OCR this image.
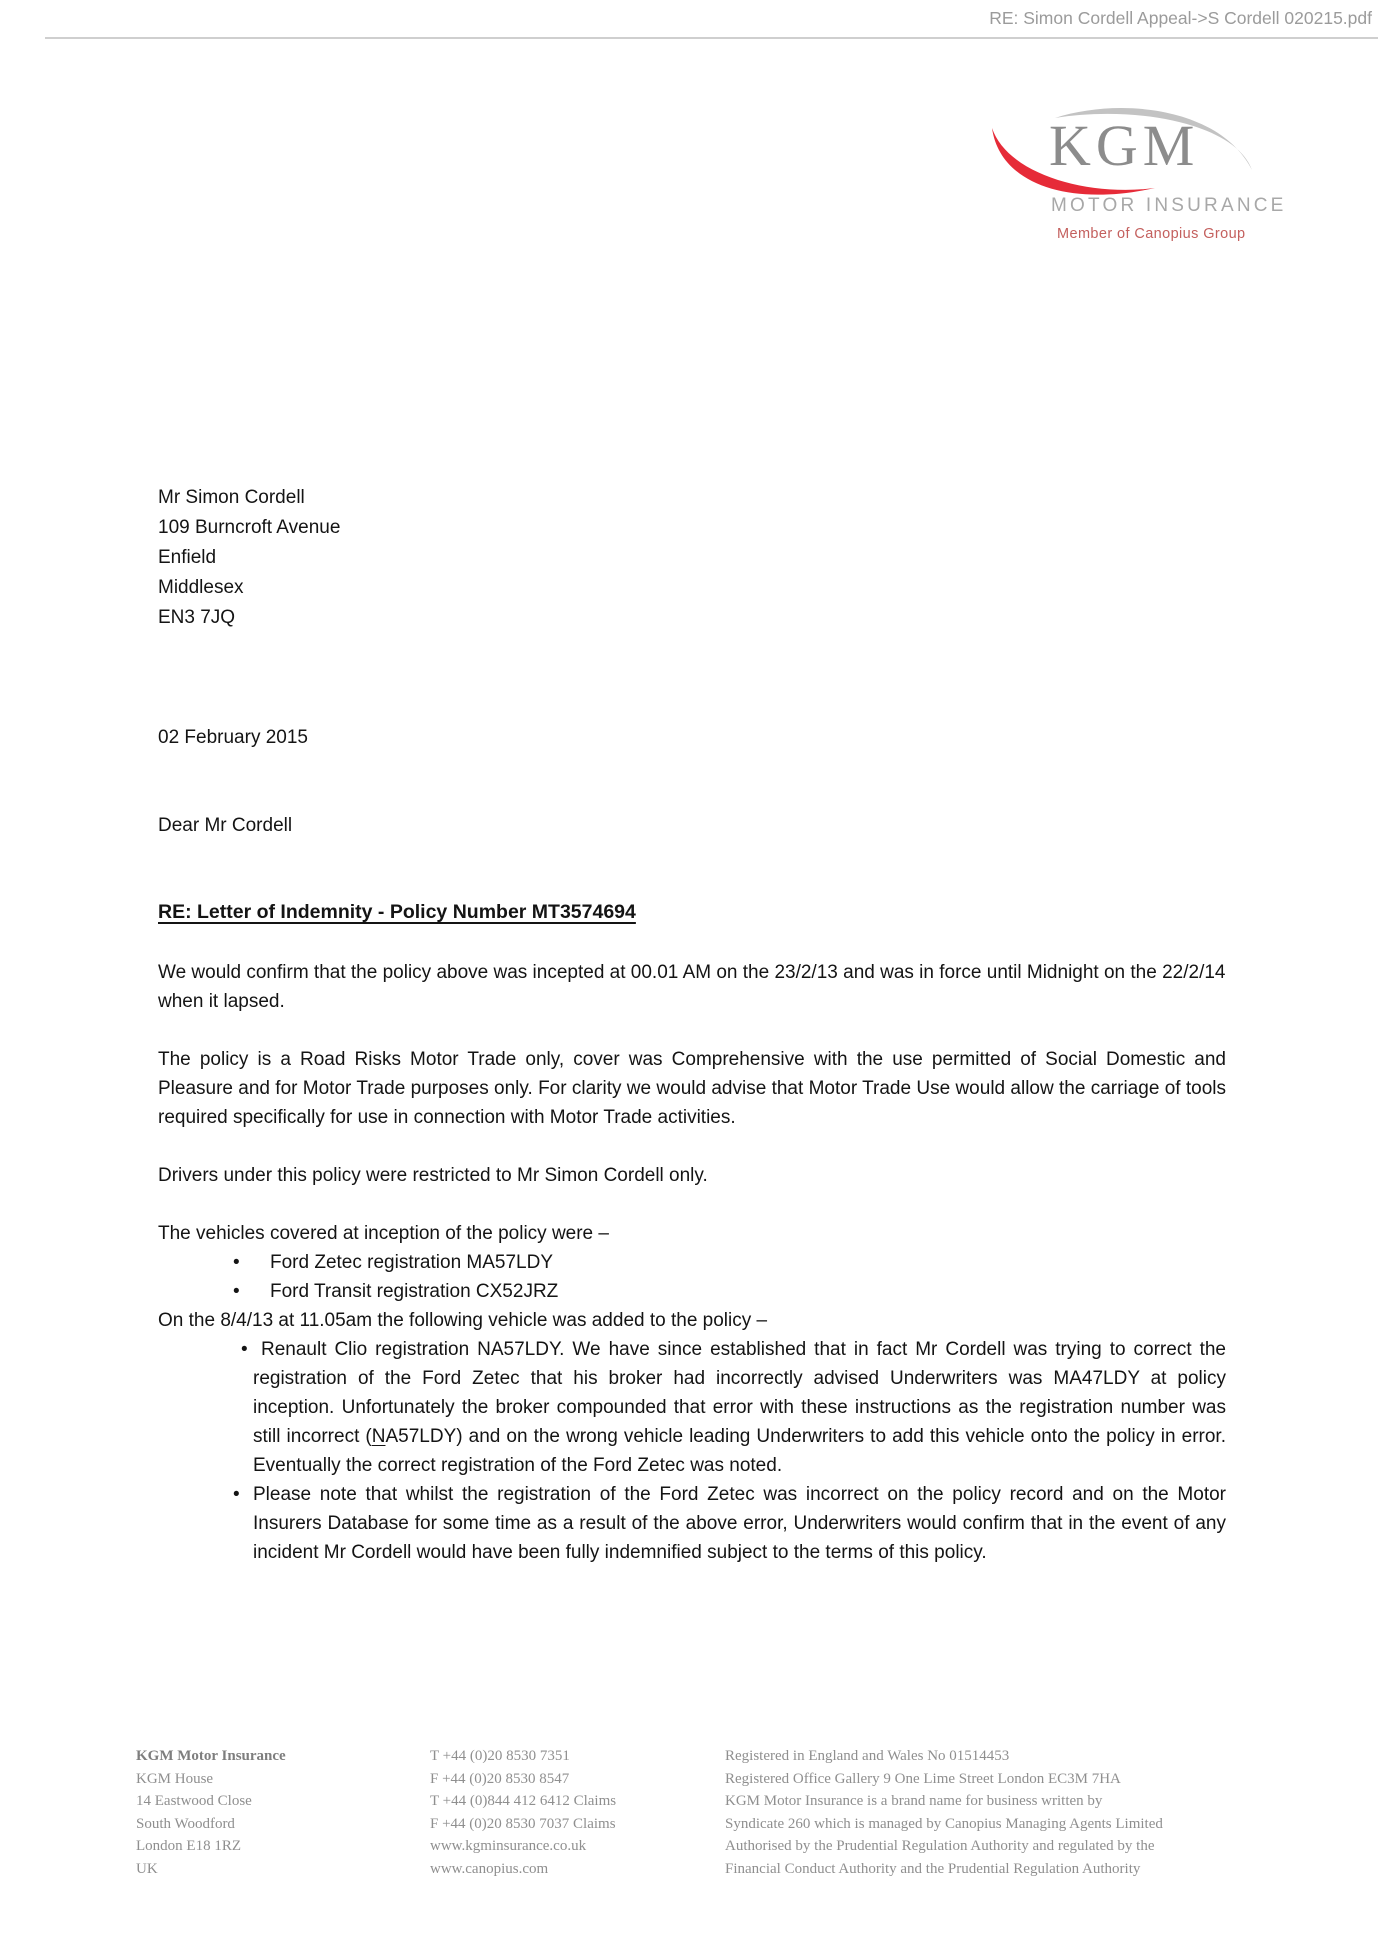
RE: Simon Cordell Appeal->S Cordell 020215.pdf
KGM
MOTOR INSURANCE
Member of Canopius Group
Mr Simon Cordell
109 Burncroft Avenue
Enfield
Middlesex
EN3 7JQ
02 February 2015
Dear Mr Cordell
RE: Letter of Indemnity - Policy Number MT3574694

We would confirm that the policy above was incepted at 00.01 AM on the 23/2/13 and was in force until Midnight on the 22/2/14 when it lapsed.

The policy is a Road Risks Motor Trade only, cover was Comprehensive with the use permitted of Social Domestic and Pleasure and for Motor Trade purposes only. For clarity we would advise that Motor Trade Use would allow the carriage of tools required specifically for use in connection with Motor Trade activities.

Drivers under this policy were restricted to Mr Simon Cordell only.

The vehicles covered at inception of the policy were –

• Ford Zetec registration MA57LDY
• Ford Transit registration CX52JRZ

On the 8/4/13 at 11.05am the following vehicle was added to the policy –

• Renault Clio registration NA57LDY. We have since established that in fact Mr Cordell was trying to correct the registration of the Ford Zetec that his broker had incorrectly advised Underwriters was MA47LDY at policy inception. Unfortunately the broker compounded that error with these instructions as the registration number was still incorrect (NA57LDY) and on the wrong vehicle leading Underwriters to add this vehicle onto the policy in error. Eventually the correct registration of the Ford Zetec was noted.
• Please note that whilst the registration of the Ford Zetec was incorrect on the policy record and on the Motor Insurers Database for some time as a result of the above error, Underwriters would confirm that in the event of any incident Mr Cordell would have been fully indemnified subject to the terms of this policy.
KGM Motor Insurance
KGM House
14 Eastwood Close
South Woodford
London E18 1RZ
UK
T +44 (0)20 8530 7351
F +44 (0)20 8530 8547
T +44 (0)844 412 6412 Claims
F +44 (0)20 8530 7037 Claims
www.kgminsurance.co.uk
www.canopius.com
Registered in England and Wales No 01514453
Registered Office Gallery 9 One Lime Street London EC3M 7HA
KGM Motor Insurance is a brand name for business written by
Syndicate 260 which is managed by Canopius Managing Agents Limited
Authorised by the Prudential Regulation Authority and regulated by the
Financial Conduct Authority and the Prudential Regulation Authority
